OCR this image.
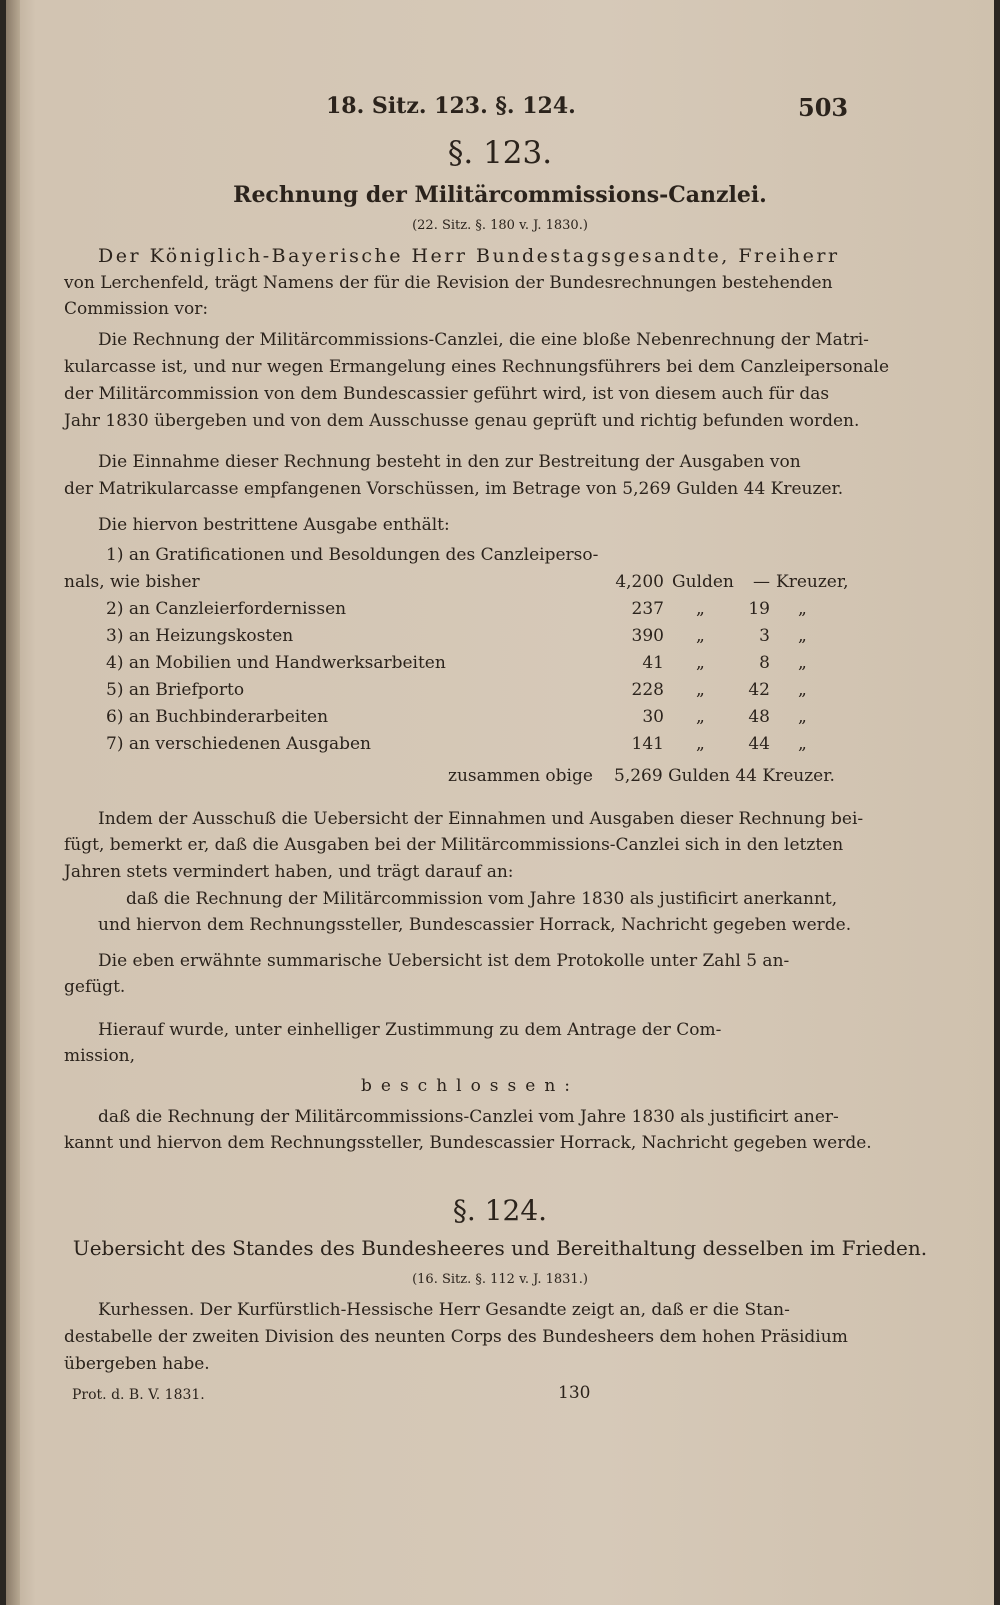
18. Sitz. 123. §. 124.	503

§. 123.

Rechnung der Militärcommissions-Canzlei.

(22. Sitz. §. 180 v. J. 1830.)

Der Königlich-Bayerische Herr Bundestagsgesandte, Freiherr

von Lerchenfeld, trägt Namens der für die Revision der Bundesrechnungen bestehenden

Commission vor:

Die Rechnung der Militärcommissions-Canzlei, die eine bloße Nebenrechnung der Matri-

kularcasse ist, und nur wegen Ermangelung eines Rechnungsführers bei dem Canzleipersonale

der Militärcommission von dem Bundescassier geführt wird, ist von diesem auch für das

Jahr 1830 übergeben und von dem Ausschusse genau geprüft und richtig befunden worden.

Die Einnahme dieser Rechnung besteht in den zur Bestreitung der Ausgaben von

der Matrikularcasse empfangenen Vorschüssen, im Betrage von 5,269 Gulden 44 Kreuzer.

Die hiervon bestrittene Ausgabe enthält:

1) an Gratificationen und Besoldungen des Canzleiperso-

nals, wie bisher	4,200 Gulden — Kreuzer,
2) an Canzleierfordernissen	237 „	19 „
3) an Heizungskosten	390 „	3 „
4) an Mobilien und Handwerksarbeiten	41 „	8 „
5) an Briefporto	228 „	42 „
6) an Buchbinderarbeiten	30 „	48 „
7) an verschiedenen Ausgaben	141 „	44 „
zusammen obige 5,269 Gulden 44 Kreuzer.

Indem der Ausschuß die Uebersicht der Einnahmen und Ausgaben dieser Rechnung bei-

fügt, bemerkt er, daß die Ausgaben bei der Militärcommissions-Canzlei sich in den letzten

Jahren stets vermindert haben, und trägt darauf an:

daß die Rechnung der Militärcommission vom Jahre 1830 als justificirt anerkannt,

und hiervon dem Rechnungssteller, Bundescassier Horrack, Nachricht gegeben werde.

Die eben erwähnte summarische Uebersicht ist dem Protokolle unter Zahl 5 an-

gefügt.

Hierauf wurde, unter einhelliger Zustimmung zu dem Antrage der Com-

mission,

beschlossen:

daß die Rechnung der Militärcommissions-Canzlei vom Jahre 1830 als justificirt aner-

kannt und hiervon dem Rechnungssteller, Bundescassier Horrack, Nachricht gegeben werde.

§. 124.

Uebersicht des Standes des Bundesheeres und Bereithaltung desselben im Frieden.

(16. Sitz. §. 112 v. J. 1831.)

Kurhessen. Der Kurfürstlich-Hessische Herr Gesandte zeigt an, daß er die Stan-

destabelle der zweiten Division des neunten Corps des Bundesheers dem hohen Präsidium

übergeben habe.

Prot. d. B. V. 1831.	130
